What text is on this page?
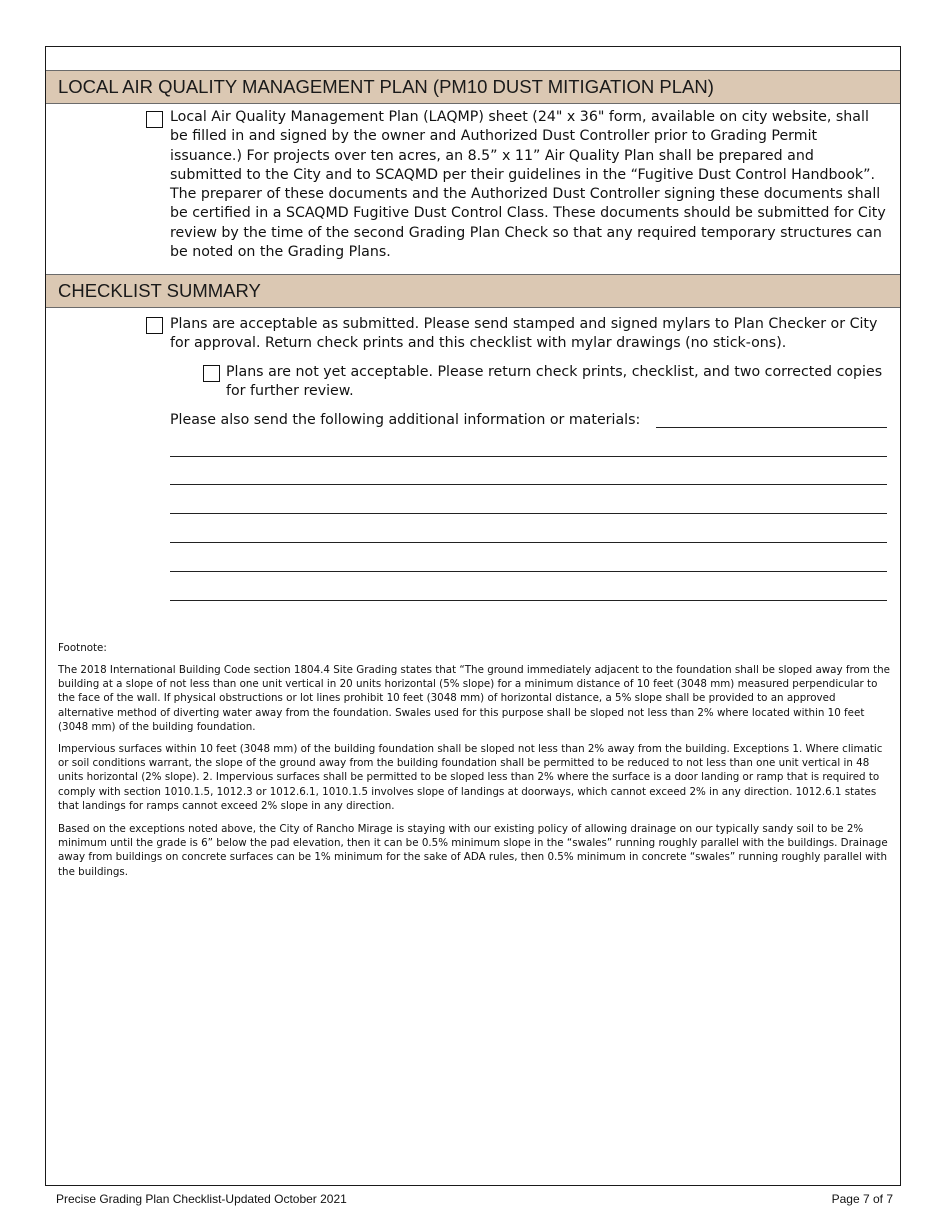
LOCAL AIR QUALITY MANAGEMENT PLAN (PM10 DUST MITIGATION PLAN)
Local Air Quality Management Plan (LAQMP) sheet (24" x 36" form, available on city website, shall be filled in and signed by the owner and Authorized Dust Controller prior to Grading Permit issuance.) For projects over ten acres, an 8.5” x 11” Air Quality Plan shall be prepared and submitted to the City and to SCAQMD per their guidelines in the “Fugitive Dust Control Handbook”. The preparer of these documents and the Authorized Dust Controller signing these documents shall be certified in a SCAQMD Fugitive Dust Control Class. These documents should be submitted for City review by the time of the second Grading Plan Check so that any required temporary structures can be noted on the Grading Plans.
CHECKLIST SUMMARY
Plans are acceptable as submitted. Please send stamped and signed mylars to Plan Checker or City for approval. Return check prints and this checklist with mylar drawings (no stick-ons).
Plans are not yet acceptable. Please return check prints, checklist, and two corrected copies for further review.
Please also send the following additional information or materials:
Footnote:
The 2018 International Building Code section 1804.4 Site Grading states that “The ground immediately adjacent to the foundation shall be sloped away from the building at a slope of not less than one unit vertical in 20 units horizontal (5% slope) for a minimum distance of 10 feet (3048 mm) measured perpendicular to the face of the wall. If physical obstructions or lot lines prohibit 10 feet (3048 mm) of horizontal distance, a 5% slope shall be provided to an approved alternative method of diverting water away from the foundation. Swales used for this purpose shall be sloped not less than 2% where located within 10 feet (3048 mm) of the building foundation.
Impervious surfaces within 10 feet (3048 mm) of the building foundation shall be sloped not less than 2% away from the building. Exceptions 1. Where climatic or soil conditions warrant, the slope of the ground away from the building foundation shall be permitted to be reduced to not less than one unit vertical in 48 units horizontal (2% slope). 2. Impervious surfaces shall be permitted to be sloped less than 2% where the surface is a door landing or ramp that is required to comply with section 1010.1.5, 1012.3 or 1012.6.1, 1010.1.5 involves slope of landings at doorways, which cannot exceed 2% in any direction. 1012.6.1 states that landings for ramps cannot exceed 2% slope in any direction.
Based on the exceptions noted above, the City of Rancho Mirage is staying with our existing policy of allowing drainage on our typically sandy soil to be 2% minimum until the grade is 6” below the pad elevation, then it can be 0.5% minimum slope in the “swales” running roughly parallel with the buildings. Drainage away from buildings on concrete surfaces can be 1% minimum for the sake of ADA rules, then 0.5% minimum in concrete “swales” running roughly parallel with the buildings.
Precise Grading Plan Checklist-Updated October 2021	Page 7 of 7
